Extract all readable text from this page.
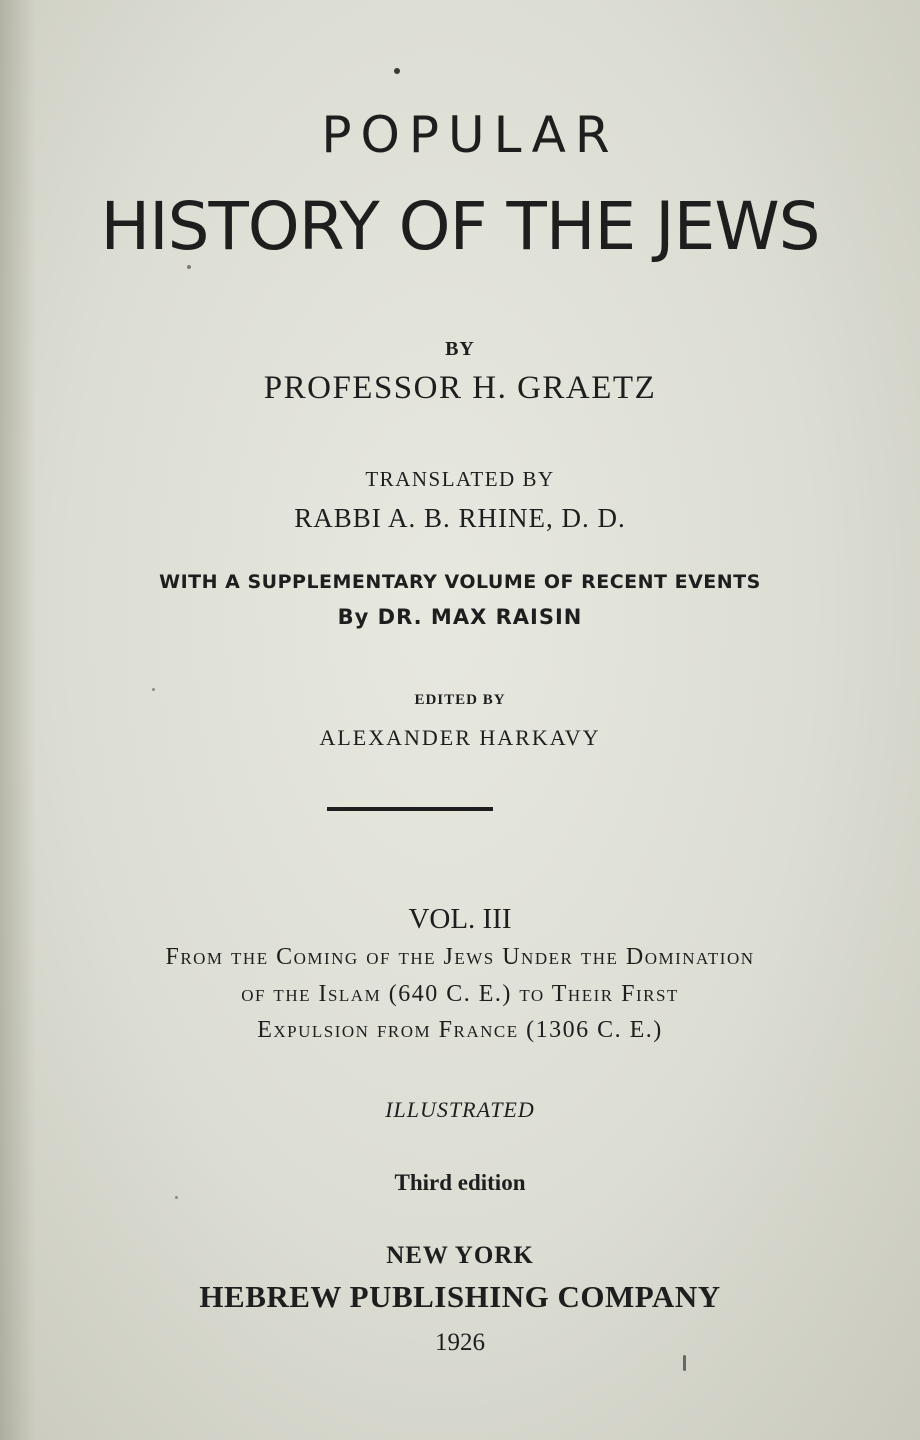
POPULAR

HISTORY OF THE JEWS

BY

PROFESSOR H. GRAETZ

TRANSLATED BY

RABBI A. B. RHINE, D. D.

WITH A SUPPLEMENTARY VOLUME OF RECENT EVENTS

By DR. MAX RAISIN

EDITED BY

ALEXANDER HARKAVY

VOL. III

From the Coming of the Jews Under the Domination

of the Islam (640 C. E.) to Their First

Expulsion from France (1306 C. E.)

ILLUSTRATED

Third edition

NEW YORK

HEBREW PUBLISHING COMPANY

1926
